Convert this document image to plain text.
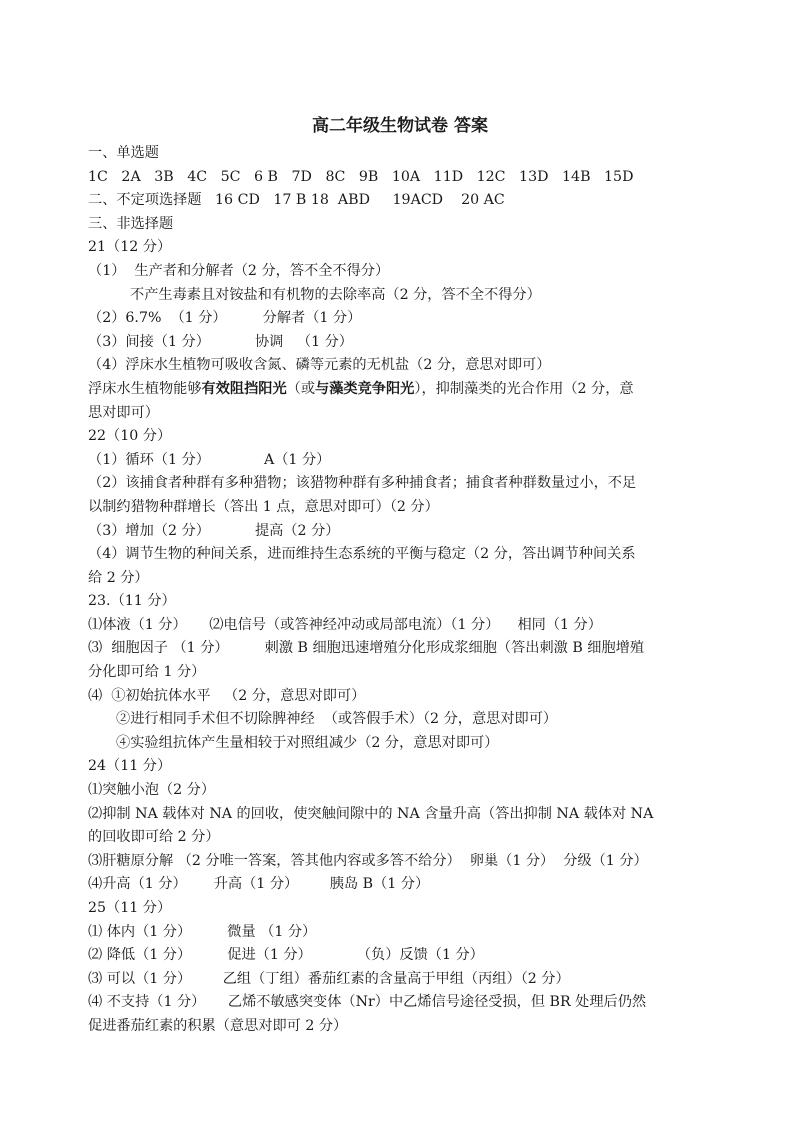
高二年级生物试卷 答案
一、单选题
1C   2A   3B   4C   5C   6 B   7D   8C   9B   10A   11D   12C   13D   14B   15D
二、不定项选择题   16 CD   17 B 18  ABD     19ACD    20 AC
三、非选择题
21（12 分）
（1）  生产者和分解者（2 分，答不全不得分）
不产生毒素且对铵盐和有机物的去除率高（2 分，答不全不得分）
（2）6.7%  （1 分）        分解者（1 分）
（3）间接（1 分）          协调   （1 分）
（4）浮床水生植物可吸收含氮、磷等元素的无机盐（2 分，意思对即可）
浮床水生植物能够有效阻挡阳光（或与藻类竞争阳光），抑制藻类的光合作用（2 分，意
思对即可）
22（10 分）
（1）循环（1 分）            A（1 分）
（2）该捕食者种群有多种猎物；该猎物种群有多种捕食者；捕食者种群数量过小，不足
以制约猎物种群增长（答出 1 点，意思对即可）（2 分）
（3）增加（2 分）          提高（2 分）
（4）调节生物的种间关系，进而维持生态系统的平衡与稳定（2 分，答出调节种间关系
给 2 分）
23.（11 分）
⑴体液（1 分）     ⑵电信号（或答神经冲动或局部电流）（1 分）    相同（1 分）
⑶  细胞因子 （1 分）        刺激 B 细胞迅速增殖分化形成浆细胞（答出刺激 B 细胞增殖
分化即可给 1 分）
⑷  ①初始抗体水平   （2 分，意思对即可）
②进行相同手术但不切除脾神经  （或答假手术）（2 分，意思对即可）
④实验组抗体产生量相较于对照组减少（2 分，意思对即可）
24（11 分）
⑴突触小泡（2 分）
⑵抑制 NA 载体对 NA 的回收，使突触间隙中的 NA 含量升高（答出抑制 NA 载体对 NA
的回收即可给 2 分）
⑶肝糖原分解 （2 分唯一答案，答其他内容或多答不给分）  卵巢（1 分）  分级（1 分）
⑷升高（1 分）      升高（1 分）       胰岛 B（1 分）
25（11 分）
⑴ 体内（1 分）        微量 （1 分）
⑵ 降低（1 分）        促进（1 分）          （负）反馈（1 分）
⑶ 可以（1 分）       乙组（丁组）番茄红素的含量高于甲组（丙组）（2 分）
⑷ 不支持（1 分）     乙烯不敏感突变体（Nr）中乙烯信号途径受损，但 BR 处理后仍然
促进番茄红素的积累（意思对即可 2 分）
